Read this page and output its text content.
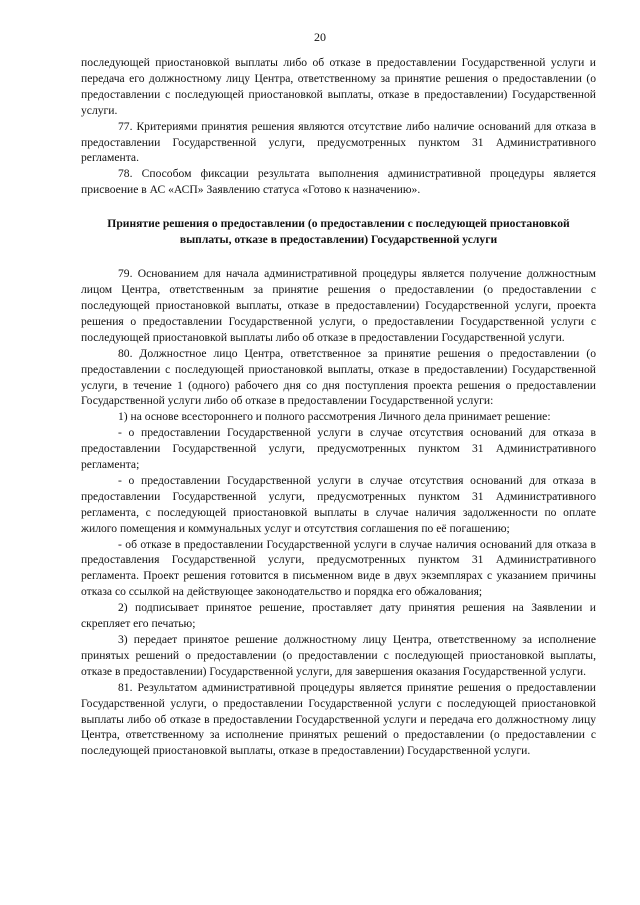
20

последующей приостановкой выплаты либо об отказе в предоставлении Государственной услуги и передача его должностному лицу Центра, ответственному за принятие решения о предоставлении (о предоставлении с последующей приостановкой выплаты, отказе в предоставлении) Государственной услуги.

77. Критериями принятия решения являются отсутствие либо наличие оснований для отказа в предоставлении Государственной услуги, предусмотренных пунктом 31 Административного регламента.

78. Способом фиксации результата выполнения административной процедуры является присвоение в АС «АСП» Заявлению статуса «Готово к назначению».

Принятие решения о предоставлении (о предоставлении с последующей приостановкой выплаты, отказе в предоставлении) Государственной услуги

79. Основанием для начала административной процедуры является получение должностным лицом Центра, ответственным за принятие решения о предоставлении (о предоставлении с последующей приостановкой выплаты, отказе в предоставлении) Государственной услуги, проекта решения о предоставлении Государственной услуги, о предоставлении Государственной услуги с последующей приостановкой выплаты либо об отказе в предоставлении Государственной услуги.

80. Должностное лицо Центра, ответственное за принятие решения о предоставлении (о предоставлении с последующей приостановкой выплаты, отказе в предоставлении) Государственной услуги, в течение 1 (одного) рабочего дня со дня поступления проекта решения о предоставлении Государственной услуги либо об отказе в предоставлении Государственной услуги:

1) на основе всестороннего и полного рассмотрения Личного дела принимает решение:

- о предоставлении Государственной услуги в случае отсутствия оснований для отказа в предоставлении Государственной услуги, предусмотренных пунктом 31 Административного регламента;

- о предоставлении Государственной услуги в случае отсутствия оснований для отказа в предоставлении Государственной услуги, предусмотренных пунктом 31 Административного регламента, с последующей приостановкой выплаты в случае наличия задолженности по оплате жилого помещения и коммунальных услуг и отсутствия соглашения по её погашению;

- об отказе в предоставлении Государственной услуги в случае наличия оснований для отказа в предоставления Государственной услуги, предусмотренных пунктом 31 Административного регламента. Проект решения готовится в письменном виде в двух экземплярах с указанием причины отказа со ссылкой на действующее законодательство и порядка его обжалования;

2) подписывает принятое решение, проставляет дату принятия решения на Заявлении и скрепляет его печатью;

3) передает принятое решение должностному лицу Центра, ответственному за исполнение принятых решений о предоставлении (о предоставлении с последующей приостановкой выплаты, отказе в предоставлении) Государственной услуги, для завершения оказания Государственной услуги.

81. Результатом административной процедуры является принятие решения о предоставлении Государственной услуги, о предоставлении Государственной услуги с последующей приостановкой выплаты либо об отказе в предоставлении Государственной услуги и передача его должностному лицу Центра, ответственному за исполнение принятых решений о предоставлении (о предоставлении с последующей приостановкой выплаты, отказе в предоставлении) Государственной услуги.
